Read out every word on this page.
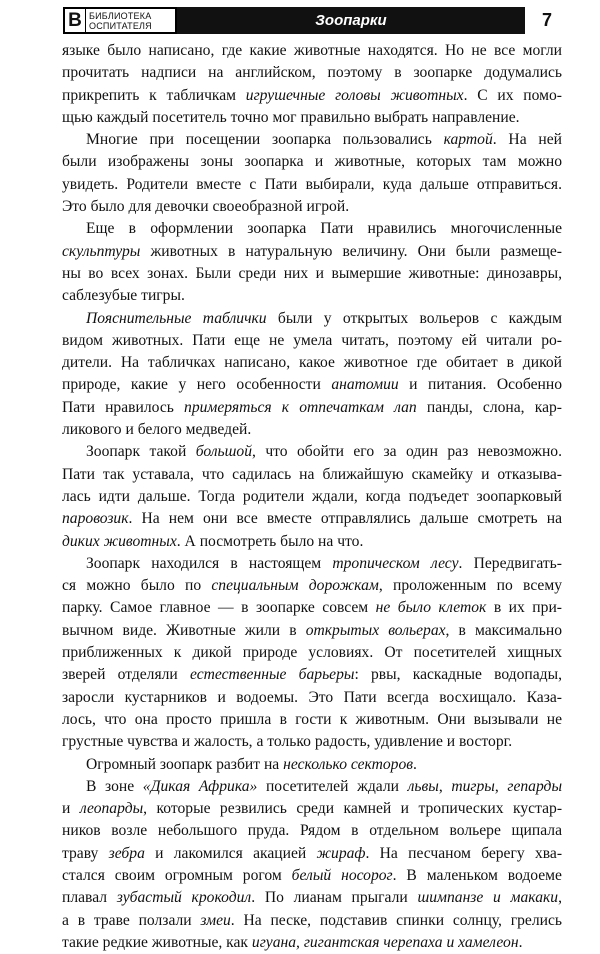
В БИБЛИОТЕКА
ОСПИТАТЕЛЯ	Зоопарки	7
языке было написано, где какие животные находятся. Но не все могли
прочитать надписи на английском, поэтому в зоопарке додумались
прикрепить к табличкам игрушечные головы животных. С их помо-
щью каждый посетитель точно мог правильно выбрать направление.
Многие при посещении зоопарка пользовались картой. На ней
были изображены зоны зоопарка и животные, которых там можно
увидеть. Родители вместе с Пати выбирали, куда дальше отправиться.
Это было для девочки своеобразной игрой.
Еще в оформлении зоопарка Пати нравились многочисленные
скульптуры животных в натуральную величину. Они были размеще-
ны во всех зонах. Были среди них и вымершие животные: динозавры,
саблезубые тигры.
Пояснительные таблички были у открытых вольеров с каждым
видом животных. Пати еще не умела читать, поэтому ей читали ро-
дители. На табличках написано, какое животное где обитает в дикой
природе, какие у него особенности анатомии и питания. Особенно
Пати нравилось примеряться к отпечаткам лап панды, слона, кар-
ликового и белого медведей.
Зоопарк такой большой, что обойти его за один раз невозможно.
Пати так уставала, что садилась на ближайшую скамейку и отказыва-
лась идти дальше. Тогда родители ждали, когда подъедет зоопарковый
паровозик. На нем они все вместе отправлялись дальше смотреть на
диких животных. А посмотреть было на что.
Зоопарк находился в настоящем тропическом лесу. Передвигать-
ся можно было по специальным дорожкам, проложенным по всему
парку. Самое главное — в зоопарке совсем не было клеток в их при-
вычном виде. Животные жили в открытых вольерах, в максимально
приближенных к дикой природе условиях. От посетителей хищных
зверей отделяли естественные барьеры: рвы, каскадные водопады,
заросли кустарников и водоемы. Это Пати всегда восхищало. Каза-
лось, что она просто пришла в гости к животным. Они вызывали не
грустные чувства и жалость, а только радость, удивление и восторг.
Огромный зоопарк разбит на несколько секторов.
В зоне «Дикая Африка» посетителей ждали львы, тигры, гепарды
и леопарды, которые резвились среди камней и тропических кустар-
ников возле небольшого пруда. Рядом в отдельном вольере щипала
траву зебра и лакомился акацией жираф. На песчаном берегу хва-
стался своим огромным рогом белый носорог. В маленьком водоеме
плавал зубастый крокодил. По лианам прыгали шимпанзе и макаки,
а в траве ползали змеи. На песке, подставив спинки солнцу, грелись
такие редкие животные, как игуана, гигантская черепаха и хамелеон.
